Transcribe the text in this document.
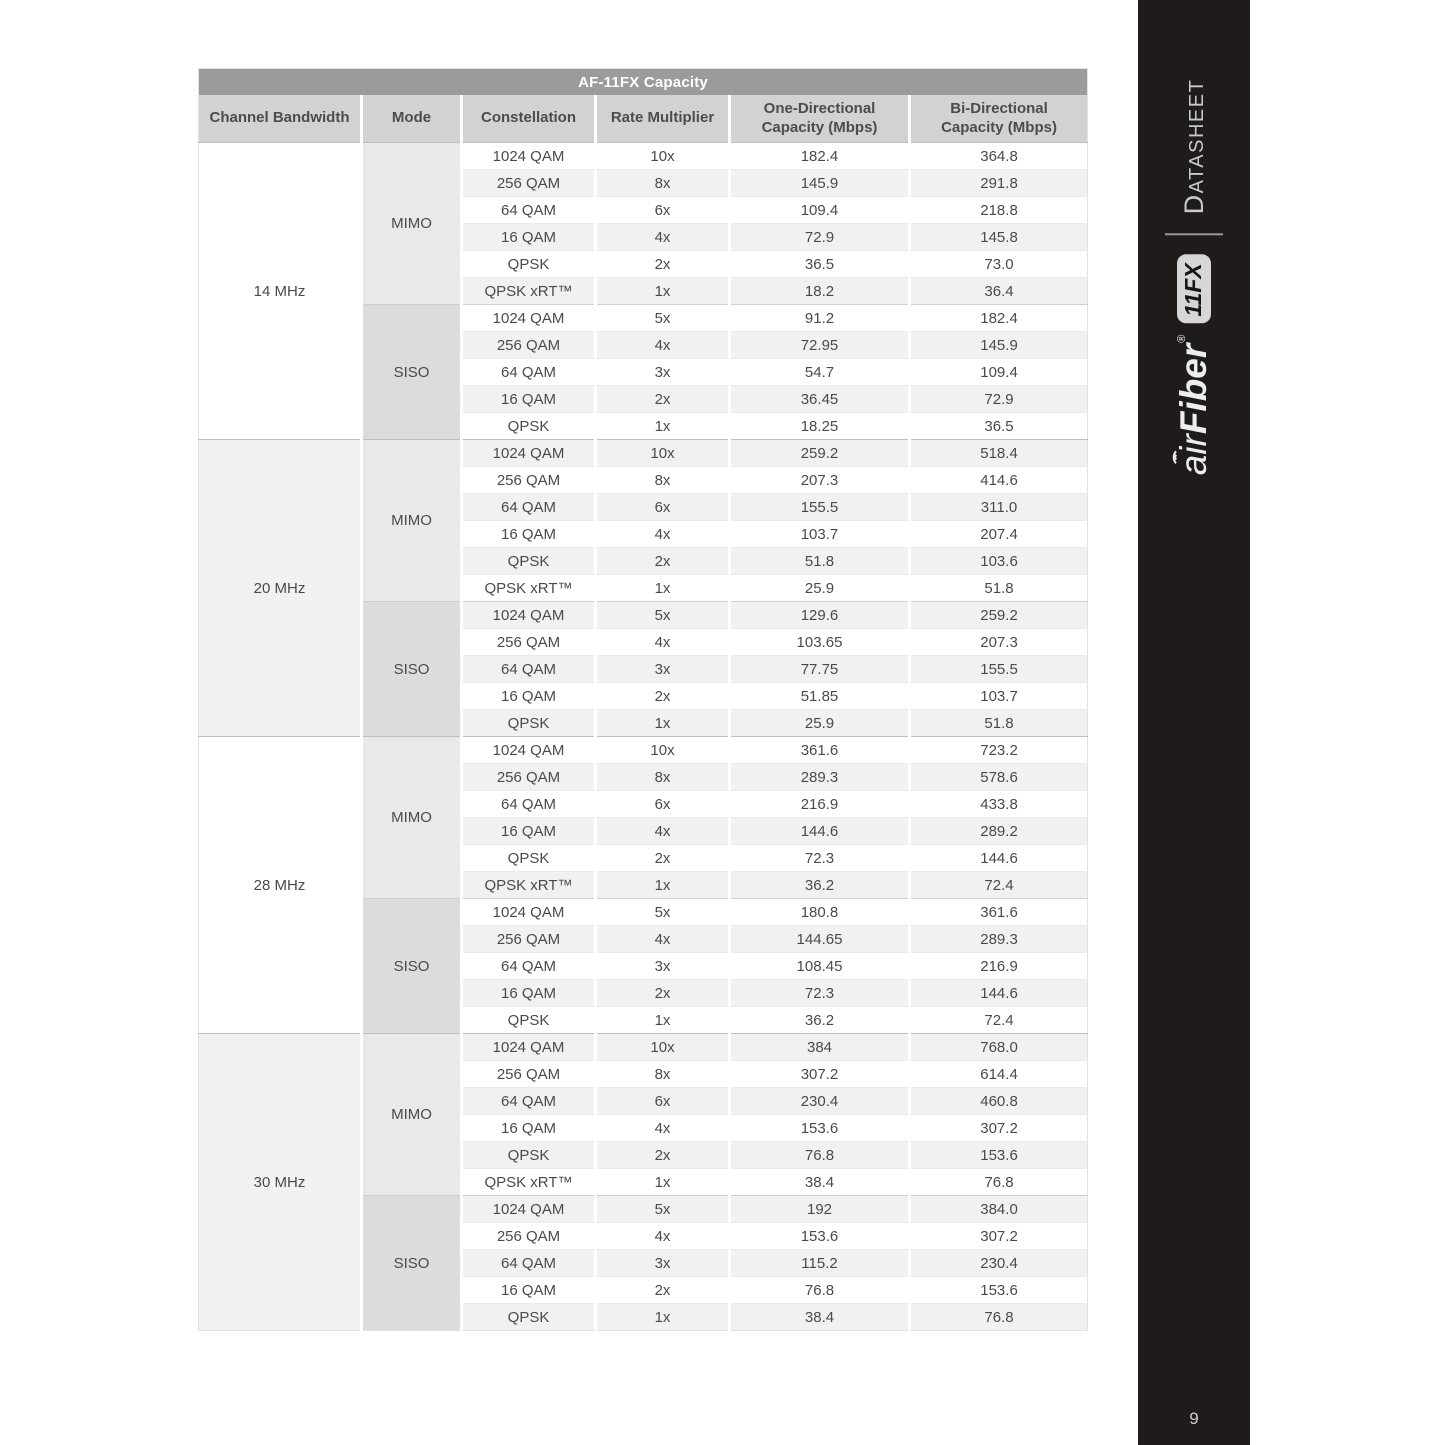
AF-11FX Capacity					
Channel Bandwidth	Mode	Constellation	Rate Multiplier	One-Directional Capacity (Mbps)	Bi-Directional Capacity (Mbps)
14 MHz	MIMO	1024 QAM	10x	182.4	364.8
		256 QAM	8x	145.9	291.8
		64 QAM	6x	109.4	218.8
		16 QAM	4x	72.9	145.8
		QPSK	2x	36.5	73.0
		QPSK xRT™	1x	18.2	36.4
	SISO	1024 QAM	5x	91.2	182.4
		256 QAM	4x	72.95	145.9
		64 QAM	3x	54.7	109.4
		16 QAM	2x	36.45	72.9
		QPSK	1x	18.25	36.5
20 MHz	MIMO	1024 QAM	10x	259.2	518.4
		256 QAM	8x	207.3	414.6
		64 QAM	6x	155.5	311.0
		16 QAM	4x	103.7	207.4
		QPSK	2x	51.8	103.6
		QPSK xRT™	1x	25.9	51.8
	SISO	1024 QAM	5x	129.6	259.2
		256 QAM	4x	103.65	207.3
		64 QAM	3x	77.75	155.5
		16 QAM	2x	51.85	103.7
		QPSK	1x	25.9	51.8
28 MHz	MIMO	1024 QAM	10x	361.6	723.2
		256 QAM	8x	289.3	578.6
		64 QAM	6x	216.9	433.8
		16 QAM	4x	144.6	289.2
		QPSK	2x	72.3	144.6
		QPSK xRT™	1x	36.2	72.4
	SISO	1024 QAM	5x	180.8	361.6
		256 QAM	4x	144.65	289.3
		64 QAM	3x	108.45	216.9
		16 QAM	2x	72.3	144.6
		QPSK	1x	36.2	72.4
30 MHz	MIMO	1024 QAM	10x	384	768.0
		256 QAM	8x	307.2	614.4
		64 QAM	6x	230.4	460.8
		16 QAM	4x	153.6	307.2
		QPSK	2x	76.8	153.6
		QPSK xRT™	1x	38.4	76.8
	SISO	1024 QAM	5x	192	384.0
		256 QAM	4x	153.6	307.2
		64 QAM	3x	115.2	230.4
		16 QAM	2x	76.8	153.6
		QPSK	1x	38.4	76.8
air
Fiber
®
11FX
DATASHEET
9
